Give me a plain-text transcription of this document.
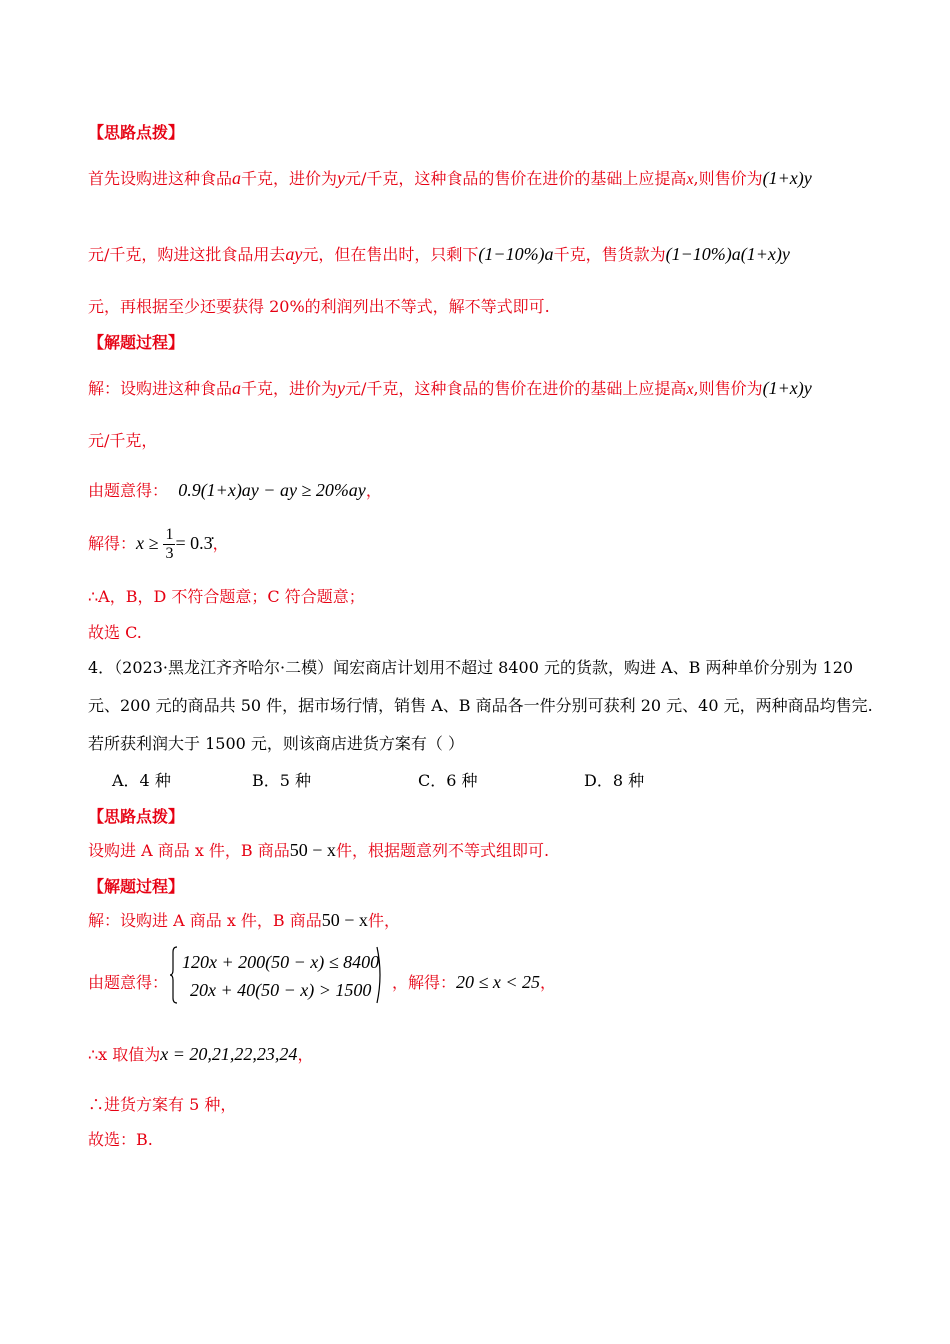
【思路点拨】
首先设购进这种食品a千克，进价为y元/千克，这种食品的售价在进价的基础上应提高x,则售价为(1+x)y
元/千克，购进这批食品用去ay元，但在售出时，只剩下(1−10%)a千克，售货款为(1−10%)a(1+x)y
元，再根据至少还要获得 20%的利润列出不等式，解不等式即可.
【解题过程】
解：设购进这种食品a千克，进价为y元/千克，这种食品的售价在进价的基础上应提高x,则售价为(1+x)y
元/千克，
由题意得： 0.9(1+x)ay − ay ≥ 20%ay，
解得：$x \ge \frac{1}{3}$ = 0.3̇，
∴A，B，D 不符合题意；C 符合题意；
故选 C.
4．（2023·黑龙江齐齐哈尔·二模）闻宏商店计划用不超过 8400 元的货款，购进 A、B 两种单价分别为 120
元、200 元的商品共 50 件，据市场行情，销售 A、B 商品各一件分别可获利 20 元、40 元，两种商品均售完.
若所获利润大于 1500 元，则该商店进货方案有（ ）
A．4 种	B．5 种	C．6 种	D．8 种
【思路点拨】
设购进 A 商品 x 件，B 商品50 − x件，根据题意列不等式组即可.
【解题过程】
解：设购进 A 商品 x 件，B 商品50 − x件，
由题意得：
120x + 200(50 − x) ≤ 8400
20x + 40(50 − x) > 1500 ，解得：20 ≤ x < 25，
∴x 取值为x = 20,21,22,23,24，
∴进货方案有 5 种，
故选：B.
